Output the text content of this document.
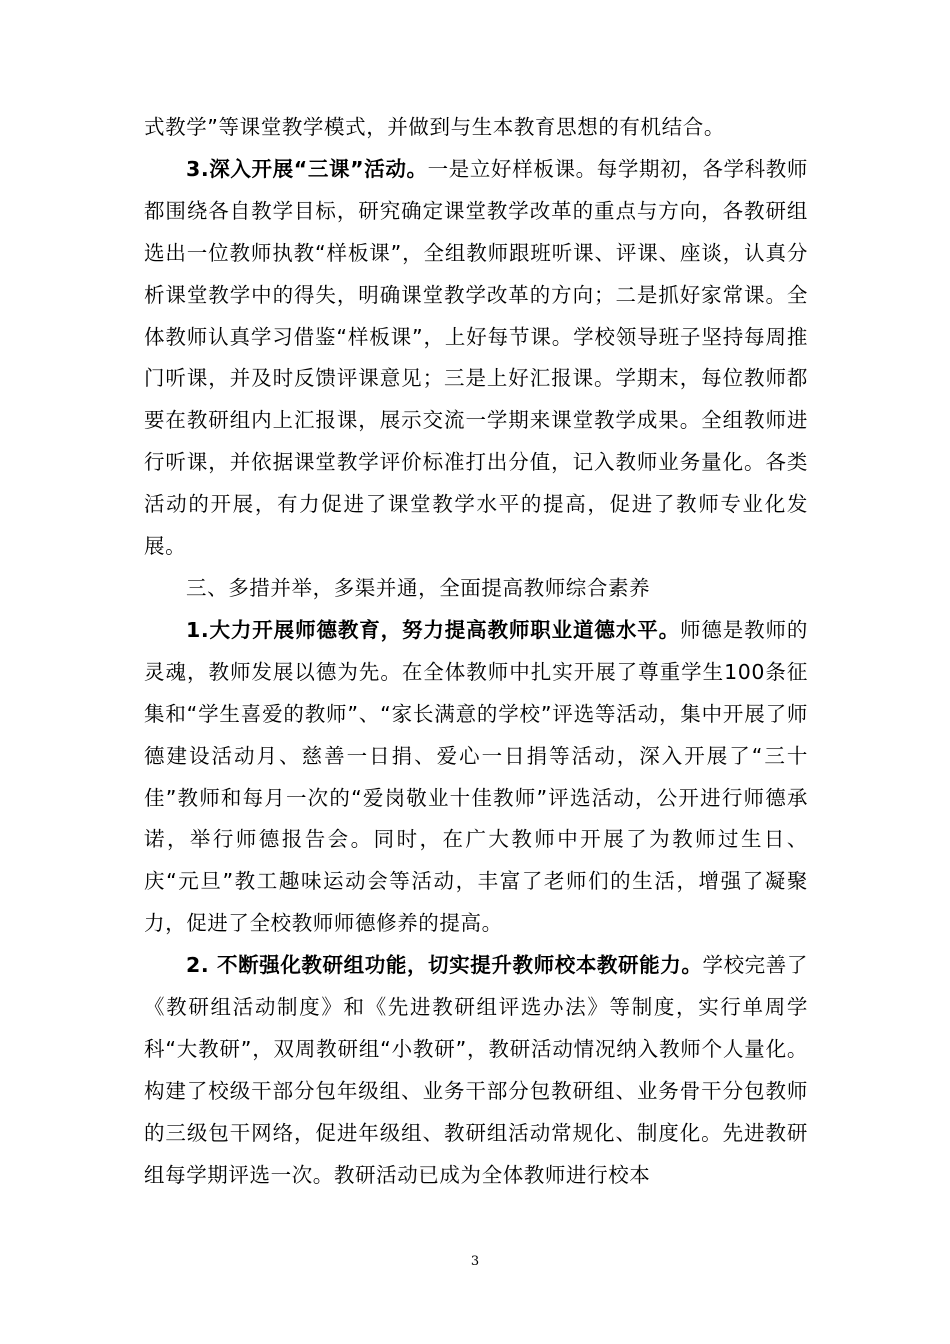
式教学”等课堂教学模式，并做到与生本教育思想的有机结合。

3.深入开展“三课”活动。一是立好样板课。每学期初，各学科教师都围绕各自教学目标，研究确定课堂教学改革的重点与方向，各教研组选出一位教师执教“样板课”，全组教师跟班听课、评课、座谈，认真分析课堂教学中的得失，明确课堂教学改革的方向；二是抓好家常课。全体教师认真学习借鉴“样板课”，上好每节课。学校领导班子坚持每周推门听课，并及时反馈评课意见；三是上好汇报课。学期末，每位教师都要在教研组内上汇报课，展示交流一学期来课堂教学成果。全组教师进行听课，并依据课堂教学评价标准打出分值，记入教师业务量化。各类活动的开展，有力促进了课堂教学水平的提高，促进了教师专业化发展。

三、多措并举，多渠并通，全面提高教师综合素养

1.大力开展师德教育，努力提高教师职业道德水平。师德是教师的灵魂，教师发展以德为先。在全体教师中扎实开展了尊重学生100条征集和“学生喜爱的教师”、“家长满意的学校”评选等活动，集中开展了师德建设活动月、慈善一日捐、爱心一日捐等活动，深入开展了“三十佳”教师和每月一次的“爱岗敬业十佳教师”评选活动，公开进行师德承诺，举行师德报告会。同时，在广大教师中开展了为教师过生日、庆“元旦”教工趣味运动会等活动，丰富了老师们的生活，增强了凝聚力，促进了全校教师师德修养的提高。

2. 不断强化教研组功能，切实提升教师校本教研能力。学校完善了《教研组活动制度》和《先进教研组评选办法》等制度，实行单周学科“大教研”，双周教研组“小教研”，教研活动情况纳入教师个人量化。构建了校级干部分包年级组、业务干部分包教研组、业务骨干分包教师的三级包干网络，促进年级组、教研组活动常规化、制度化。先进教研组每学期评选一次。教研活动已成为全体教师进行校本

3
